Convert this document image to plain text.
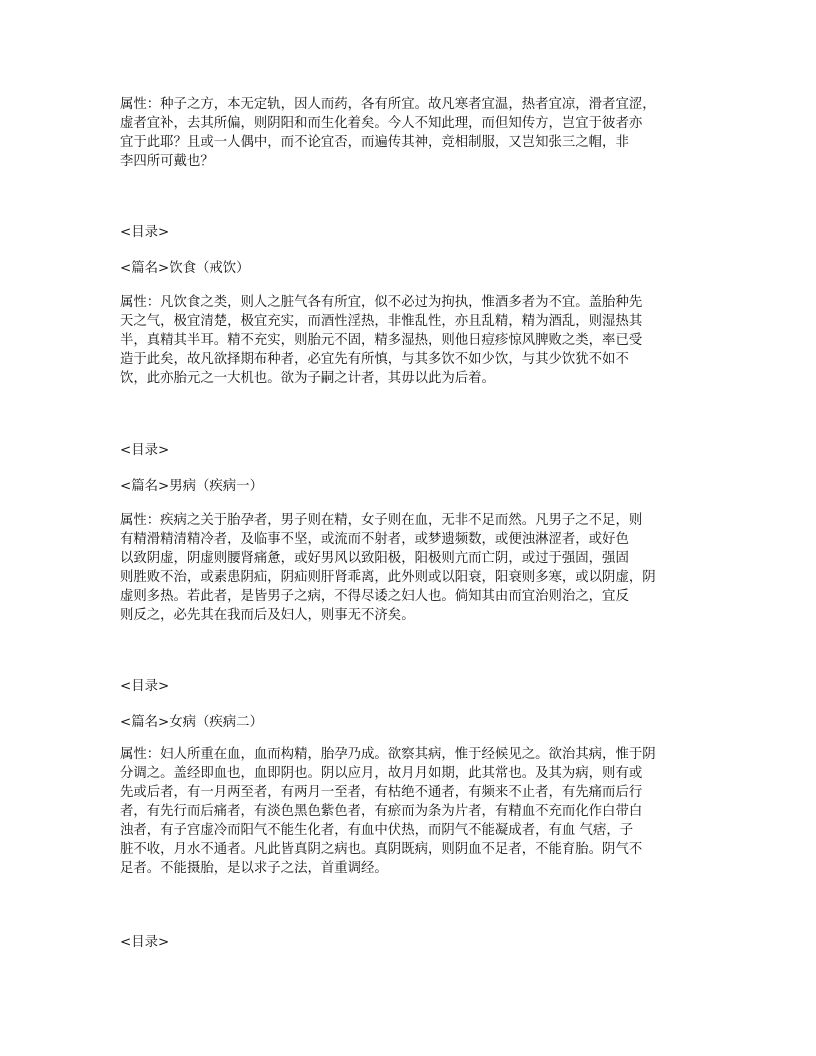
属性：种子之方，本无定轨，因人而药，各有所宜。故凡寒者宜温，热者宜凉，滑者宜涩，
虚者宜补，去其所偏，则阴阳和而生化着矣。今人不知此理，而但知传方，岂宜于彼者亦
宜于此耶？且或一人偶中，而不论宜否，而遍传其神，竞相制服，又岂知张三之帽，非
李四所可戴也？
<目录>
<篇名>饮食（戒饮）
属性：凡饮食之类，则人之脏气各有所宜，似不必过为拘执，惟酒多者为不宜。盖胎种先
天之气，极宜清楚，极宜充实，而酒性淫热，非惟乱性，亦且乱精，精为酒乱，则湿热其
半，真精其半耳。精不充实，则胎元不固，精多湿热，则他日痘疹惊风脾败之类，率已受
造于此矣，故凡欲择期布种者，必宜先有所慎，与其多饮不如少饮，与其少饮犹不如不
饮，此亦胎元之一大机也。欲为子嗣之计者，其毋以此为后着。
<目录>
<篇名>男病（疾病一）
属性：疾病之关于胎孕者，男子则在精，女子则在血，无非不足而然。凡男子之不足，则
有精滑精清精冷者，及临事不坚，或流而不射者，或梦遗频数，或便浊淋涩者，或好色
以致阴虚，阴虚则腰肾痛惫，或好男风以致阳极，阳极则亢而亡阴，或过于强固，强固
则胜败不治，或素患阴疝，阴疝则肝肾乖离，此外则或以阳衰，阳衰则多寒，或以阴虚，阴
虚则多热。若此者，是皆男子之病，不得尽诿之妇人也。倘知其由而宜治则治之，宜反
则反之，必先其在我而后及妇人，则事无不济矣。
<目录>
<篇名>女病（疾病二）
属性：妇人所重在血，血而构精，胎孕乃成。欲察其病，惟于经候见之。欲治其病，惟于阴
分调之。盖经即血也，血即阴也。阴以应月，故月月如期，此其常也。及其为病，则有或
先或后者，有一月两至者，有两月一至者，有枯绝不通者，有频来不止者，有先痛而后行
者，有先行而后痛者，有淡色黑色紫色者，有瘀而为条为片者，有精血不充而化作白带白
浊者，有子宫虚冷而阳气不能生化者，有血中伏热，而阴气不能凝成者，有血 气痞，子
脏不收，月水不通者。凡此皆真阴之病也。真阴既病，则阴血不足者，不能育胎。阴气不
足者。不能摄胎，是以求子之法，首重调经。
<目录>
